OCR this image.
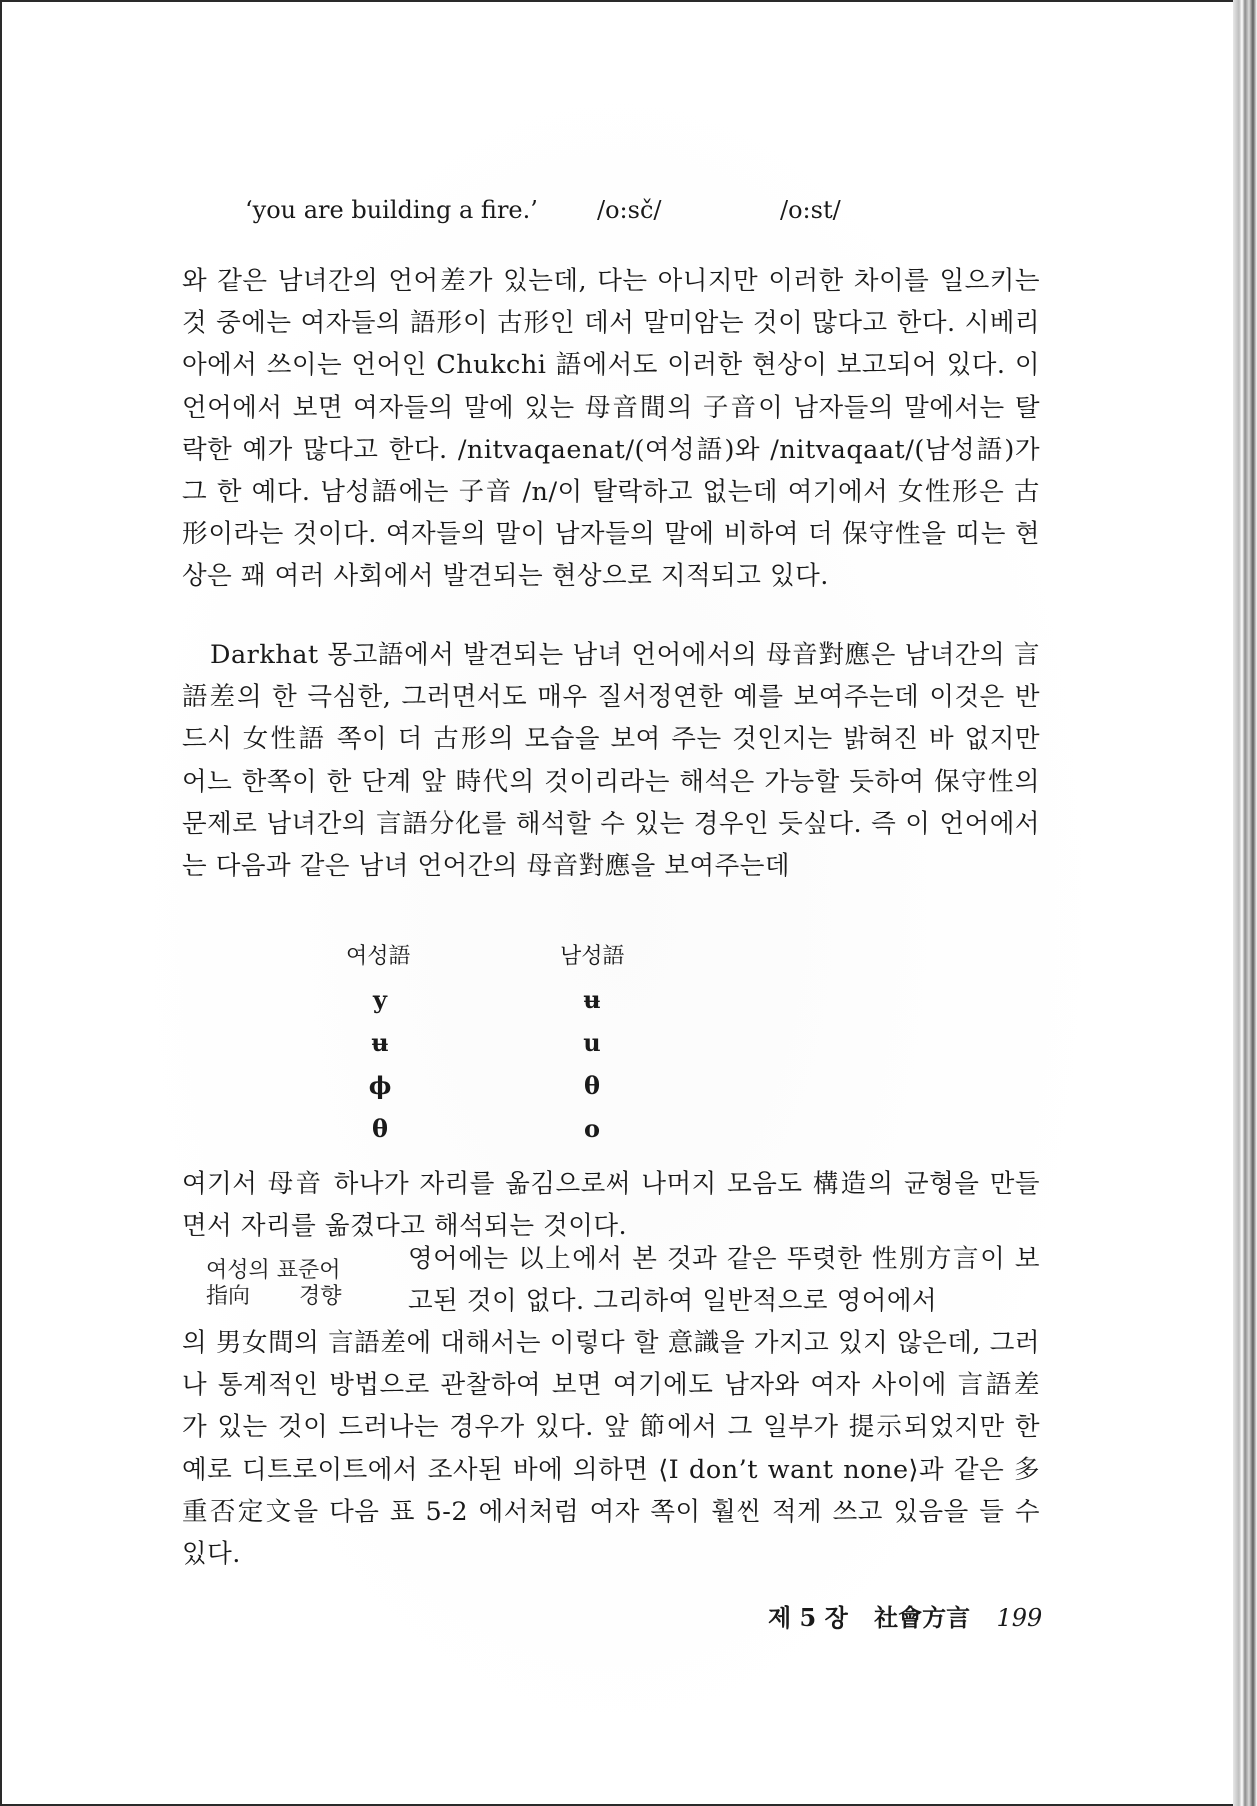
‘you are building a fire.’ /o:sč/	/o:st/
와 같은 남녀간의 언어差가 있는데, 다는 아니지만 이러한 차이를 일으키는 것 중에는 여자들의 語形이 古形인 데서 말미암는 것이 많다고 한다. 시베리아에서 쓰이는 언어인 Chukchi 語에서도 이러한 현상이 보고되어 있다. 이 언어에서 보면 여자들의 말에 있는 母音間의 子音이 남자들의 말에서는 탈락한 예가 많다고 한다. /nitvaqaenat/(여성語)와 /nitvaqaat/(남성語)가 그 한 예다. 남성語에는 子音 /n/이 탈락하고 없는데 여기에서 女性形은 古形이라는 것이다. 여자들의 말이 남자들의 말에 비하여 더 保守性을 띠는 현상은 꽤 여러 사회에서 발견되는 현상으로 지적되고 있다.
Darkhat 몽고語에서 발견되는 남녀 언어에서의 母音對應은 남녀간의 言語差의 한 극심한, 그러면서도 매우 질서정연한 예를 보여주는데 이것은 반드시 女性語 쪽이 더 古形의 모습을 보여 주는 것인지는 밝혀진 바 없지만 어느 한쪽이 한 단계 앞 時代의 것이리라는 해석은 가능할 듯하여 保守性의 문제로 남녀간의 言語分化를 해석할 수 있는 경우인 듯싶다. 즉 이 언어에서는 다음과 같은 남녀 언어간의 母音對應을 보여주는데
여성語	남성語
y	ʉ
ʉ	u
ϕ	θ
θ	o
여기서 母音 하나가 자리를 옮김으로써 나머지 모음도 構造의 균형을 만들면서 자리를 옮겼다고 해석되는 것이다.
여성의 표준어
指向 경향
영어에는 以上에서 본 것과 같은 뚜렷한 性別方言이 보고된 것이 없다. 그리하여 일반적으로 영어에서
의 男女間의 言語差에 대해서는 이렇다 할 意識을 가지고 있지 않은데, 그러나 통계적인 방법으로 관찰하여 보면 여기에도 남자와 여자 사이에 言語差가 있는 것이 드러나는 경우가 있다. 앞 節에서 그 일부가 提示되었지만 한 예로 디트로이트에서 조사된 바에 의하면 ⟨I don’t want none⟩과 같은 多重否定文을 다음 표 5-2 에서처럼 여자 쪽이 훨씬 적게 쓰고 있음을 들 수 있다.
제 5 장 社會方言 199
